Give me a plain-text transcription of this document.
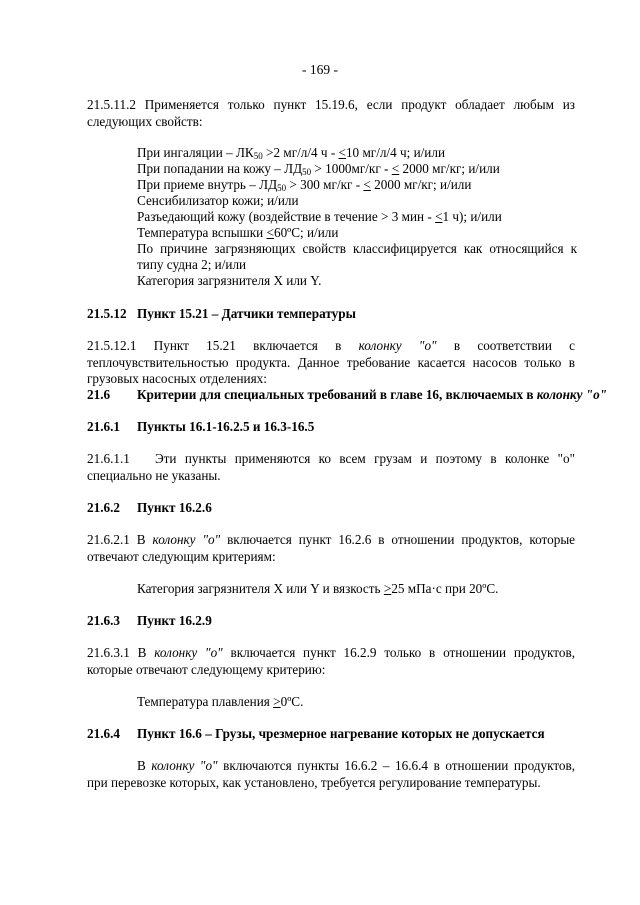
- 169 -
21.5.11.2 Применяется только пункт 15.19.6, если продукт обладает любым из следующих свойств:
При ингаляции – ЛК50 >2 мг/л/4 ч - <10 мг/л/4 ч; и/или
При попадании на кожу – ЛД50 > 1000мг/кг - < 2000 мг/кг; и/или
При приеме внутрь – ЛД50 > 300 мг/кг - < 2000 мг/кг; и/или
Сенсибилизатор кожи; и/или
Разъедающий кожу (воздействие в течение > 3 мин - <1 ч); и/или
Температура вспышки <60ºC; и/или
По причине загрязняющих свойств классифицируется как относящийся к типу судна 2; и/или
Категория загрязнителя X или Y.
21.5.12 Пункт 15.21 – Датчики температуры
21.5.12.1 Пункт 15.21 включается в колонку "о" в соответствии с теплочувствительностью продукта. Данное требование касается насосов только в грузовых насосных отделениях:
21.6 Критерии для специальных требований в главе 16, включаемых в колонку "о"
21.6.1 Пункты 16.1-16.2.5 и 16.3-16.5
21.6.1.1 Эти пункты применяются ко всем грузам и поэтому в колонке "о" специально не указаны.
21.6.2 Пункт 16.2.6
21.6.2.1 В колонку "о" включается пункт 16.2.6 в отношении продуктов, которые отвечают следующим критериям:
Категория загрязнителя X или Y и вязкость >25 мПа·с при 20ºC.
21.6.3 Пункт 16.2.9
21.6.3.1 В колонку "о" включается пункт 16.2.9 только в отношении продуктов, которые отвечают следующему критерию:
Температура плавления >0ºC.
21.6.4 Пункт 16.6 – Грузы, чрезмерное нагревание которых не допускается
В колонку "о" включаются пункты 16.6.2 – 16.6.4 в отношении продуктов, при перевозке которых, как установлено, требуется регулирование температуры.
